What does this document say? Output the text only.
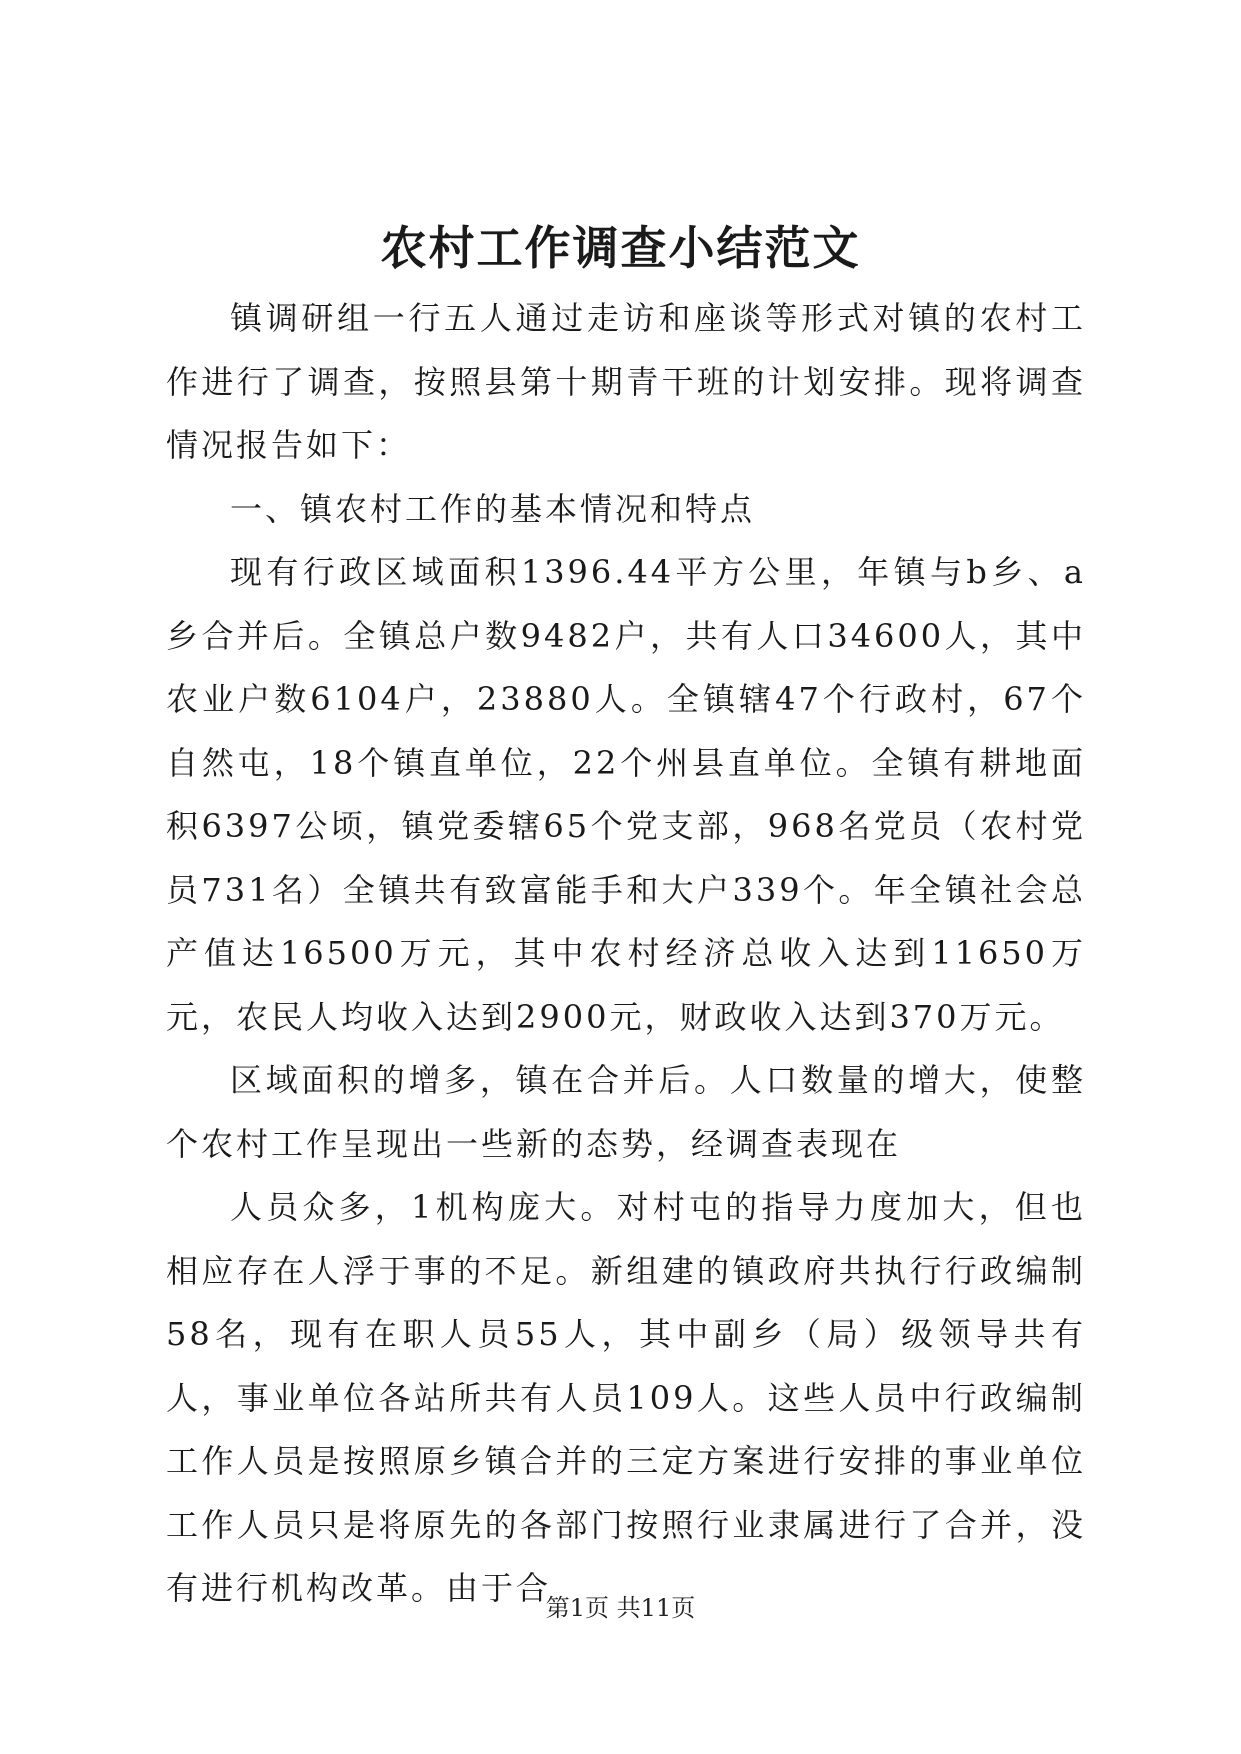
农村工作调查小结范文

镇调研组一行五人通过走访和座谈等形式对镇的农村工作进行了调查，按照县第十期青干班的计划安排。现将调查情况报告如下：

一、镇农村工作的基本情况和特点

现有行政区域面积1396.44平方公里，年镇与b乡、a乡合并后。全镇总户数9482户，共有人口34600人，其中农业户数6104户，23880人。全镇辖47个行政村，67个自然屯，18个镇直单位，22个州县直单位。全镇有耕地面积6397公顷，镇党委辖65个党支部，968名党员（农村党员731名）全镇共有致富能手和大户339个。年全镇社会总产值达16500万元，其中农村经济总收入达到11650万元，农民人均收入达到2900元，财政收入达到370万元。

区域面积的增多，镇在合并后。人口数量的增大，使整个农村工作呈现出一些新的态势，经调查表现在

人员众多，1机构庞大。对村屯的指导力度加大，但也相应存在人浮于事的不足。新组建的镇政府共执行行政编制58名，现有在职人员55人，其中副乡（局）级领导共有人，事业单位各站所共有人员109人。这些人员中行政编制工作人员是按照原乡镇合并的三定方案进行安排的事业单位工作人员只是将原先的各部门按照行业隶属进行了合并，没有进行机构改革。由于合

第1页 共11页
